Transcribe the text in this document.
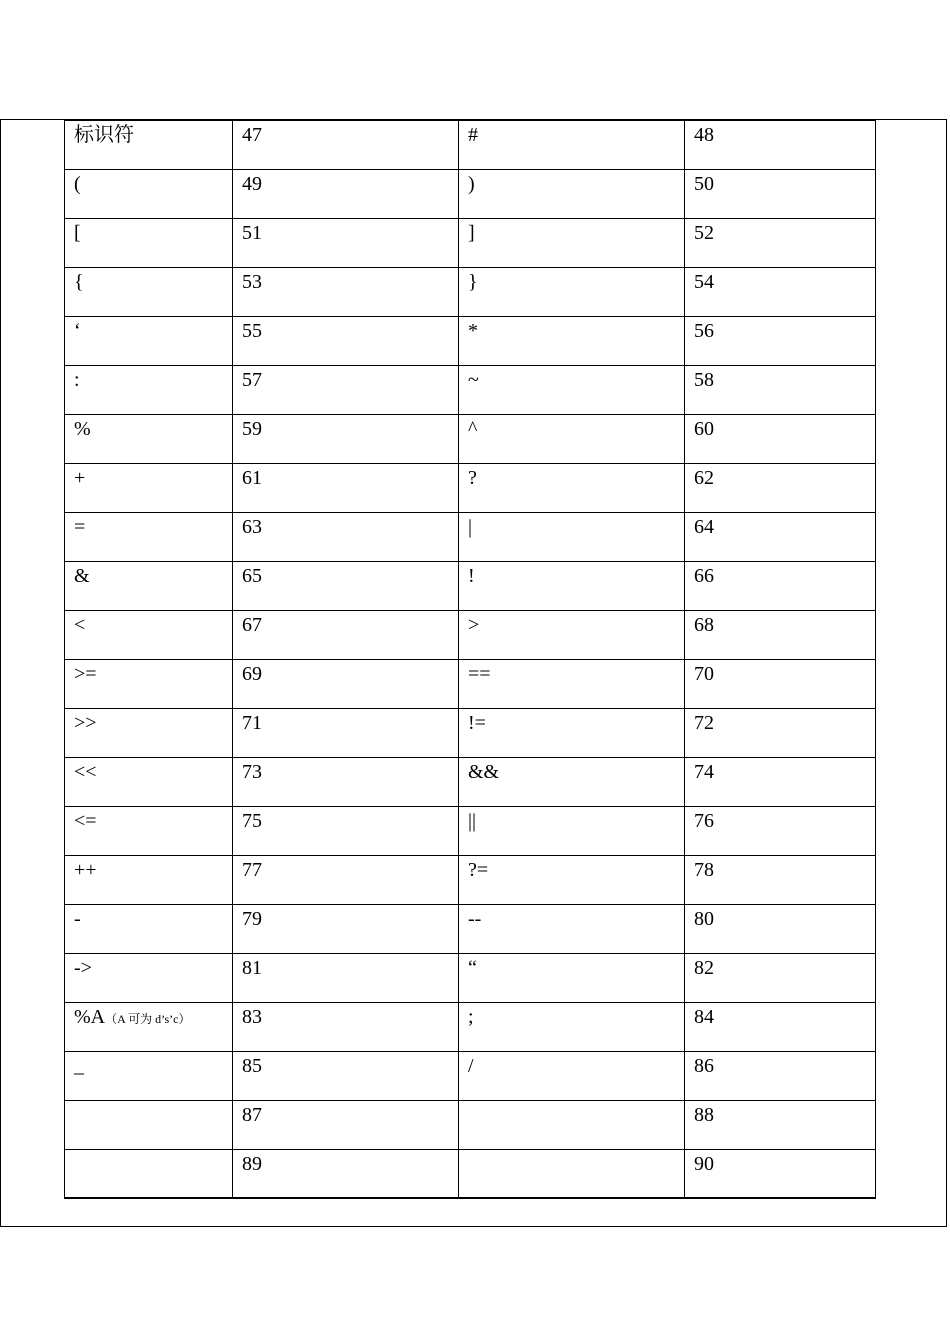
标识符	47	#	48
(	49	)	50
[	51	]	52
{	53	}	54
‘	55	*	56
:	57	~	58
%	59	^	60
+	61	?	62
=	63	|	64
&	65	!	66
<	67	>	68
>=	69	==	70
>>	71	!=	72
<<	73	&&	74
<=	75	||	76
++	77	?=	78
-	79	--	80
->	81	“	82
%A（A 可为 d’s’c）	83	;	84
_	85	/	86
	87		88
	89		90
